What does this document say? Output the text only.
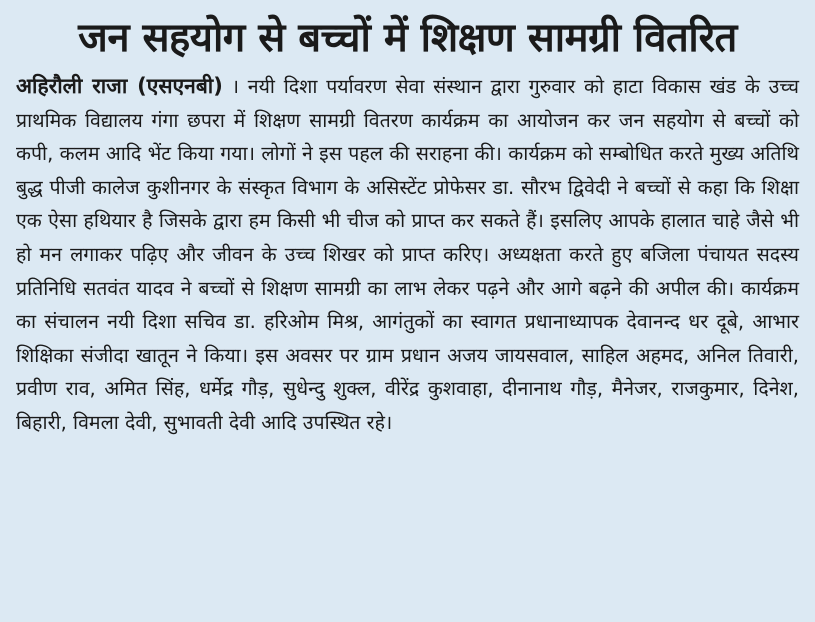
जन सहयोग से बच्चों में शिक्षण सामग्री वितरित

अहिरौली राजा (एसएनबी) । नयी दिशा पर्यावरण सेवा संस्थान द्वारा गुरुवार को हाटा विकास खंड के उच्च प्राथमिक विद्यालय गंगा छपरा में शिक्षण सामग्री वितरण कार्यक्रम का आयोजन कर जन सहयोग से बच्चों को कपी, कलम आदि भेंट किया गया। लोगों ने इस पहल की सराहना की। कार्यक्रम को सम्बोधित करते मुख्य अतिथि बुद्ध पीजी कालेज कुशीनगर के संस्कृत विभाग के असिस्टेंट प्रोफेसर डा. सौरभ द्विवेदी ने बच्चों से कहा कि शिक्षा एक ऐसा हथियार है जिसके द्वारा हम किसी भी चीज को प्राप्त कर सकते हैं। इसलिए आपके हालात चाहे जैसे भी हो मन लगाकर पढ़िए और जीवन के उच्च शिखर को प्राप्त करिए। अध्यक्षता करते हुए बजिला पंचायत सदस्य प्रतिनिधि सतवंत यादव ने बच्चों से शिक्षण सामग्री का लाभ लेकर पढ़ने और आगे बढ़ने की अपील की। कार्यक्रम का संचालन नयी दिशा सचिव डा. हरिओम मिश्र, आगंतुकों का स्वागत प्रधानाध्यापक देवानन्द धर दूबे, आभार शिक्षिका संजीदा खातून ने किया। इस अवसर पर ग्राम प्रधान अजय जायसवाल, साहिल अहमद, अनिल तिवारी, प्रवीण राव, अमित सिंह, धर्मेद्र गौड़, सुधेन्दु शुक्ल, वीरेंद्र कुशवाहा, दीनानाथ गौड़, मैनेजर, राजकुमार, दिनेश, बिहारी, विमला देवी, सुभावती देवी आदि उपस्थित रहे।
